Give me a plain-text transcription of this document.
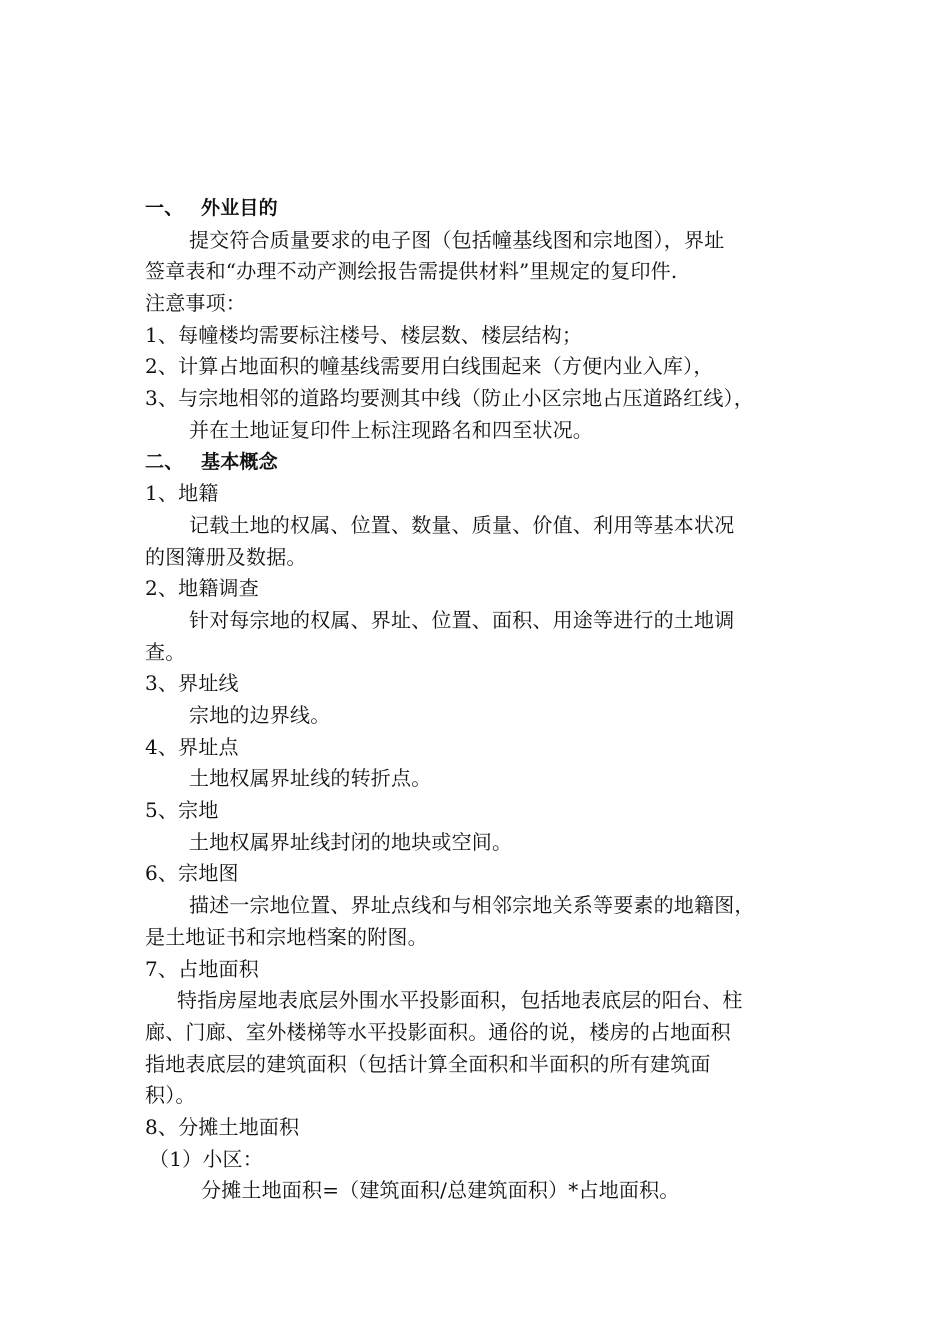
一、 外业目的
提交符合质量要求的电子图（包括幢基线图和宗地图），界址
签章表和“办理不动产测绘报告需提供材料”里规定的复印件.
注意事项：
1、每幢楼均需要标注楼号、楼层数、楼层结构；
2、计算占地面积的幢基线需要用白线围起来（方便内业入库），
3、与宗地相邻的道路均要测其中线（防止小区宗地占压道路红线），
并在土地证复印件上标注现路名和四至状况。
二、 基本概念
1、地籍
记载土地的权属、位置、数量、质量、价值、利用等基本状况
的图簿册及数据。
2、地籍调查
针对每宗地的权属、界址、位置、面积、用途等进行的土地调
查。
3、界址线
宗地的边界线。
4、界址点
土地权属界址线的转折点。
5、宗地
土地权属界址线封闭的地块或空间。
6、宗地图
描述一宗地位置、界址点线和与相邻宗地关系等要素的地籍图，
是土地证书和宗地档案的附图。
7、占地面积
特指房屋地表底层外围水平投影面积，包括地表底层的阳台、柱
廊、门廊、室外楼梯等水平投影面积。通俗的说，楼房的占地面积
指地表底层的建筑面积（包括计算全面积和半面积的所有建筑面
积）。
8、分摊土地面积
（1）小区：
分摊土地面积=（建筑面积/总建筑面积）*占地面积。
